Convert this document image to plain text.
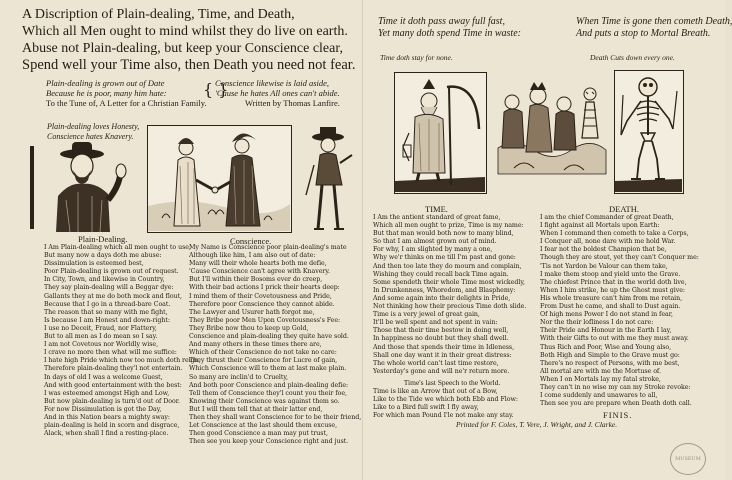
A Discription of Plain-dealing, Time, and Death,
Which all Men ought to mind whilst they do live on earth.
Abuse not Plain-dealing, but keep your Conscience clear,
Spend well your Time also, then Death you need not fear.
Plain-dealing is grown out of Date
Because he is poor, many him hate:	{ }
Conscience likewise is laid aside,
'Cause he hates All ones can't abide.
To the Tune of, A Letter for a Christian Family.	Written by Thomas Lanfire.
Plain-dealing loves Honesty,
Conscience hates Knavery.
Plain-Dealing.	Conscience.
I Am Plain-dealing which all men ought to use,
But many now a days doth me abuse:
Dissimulation is esteemed best,
Poor Plain-dealing is grown out of request.
In City, Town, and likewise in Country,
They say plain-dealing will a Beggar dye:
Gallants they at me do both mock and flout,
Because that I go in a thread-bare Coat.
The reason that so many with me fight,
Is because I am Honest and down-right:
I use no Deceit, Fraud, nor Flattery,
But to all men as I do mean so I say.
I am not Covetous nor Worldly wise,
I crave no more then what will me suffice:
I hate high Pride which now too much doth reign,
Therefore plain-dealing they'l not entertain.
In days of old I was a welcome Guest,
And with good entertainment with the best:
I was esteemed amongst High and Low,
But now plain-dealing is turn'd out of Door.
For now Dissimulation is got the Day,
And in this Nation bears a mighty sway:
plain-dealing is held in scorn and disgrace,
Alack, when shall I find a resting-place.
My Name is Conscience poor plain-dealing's mate
Although like him, I am also out of date:
Many will their whole hearts both me defie,
'Cause Conscience can't agree with Knavery.
But I'll within their Bosoms ever do creep,
With their bad actions I prick their hearts deep:
I mind them of their Covetousness and Pride,
Therefore poor Conscience they cannot abide.
The Lawyer and Usurer hath forgot me,
They Bribe poor Men Upon Covetousness's Fee:
They Bribe now thou to keep up Gold,
Conscience and plain-dealing they quite have sold.
And many others in these times there are,
Which of their Conscience do not take no care:
They thrust their Conscience for Lucre of gain,
Which Conscience will to them at last make plain.
So many are inclin'd to Cruelty,
And both poor Conscience and plain-dealing defie:
Tell them of Conscience they'l count you their foe,
Knowing their Conscience was against them so.
But I will them tell that at their latter end,
Then they shall want Conscience for to be their friend,
Let Conscience at the last should them excuse,
Then good Conscience a man may put trust,
Then see you keep your Conscience right and just.
Time it doth pass away full fast,
Yet many doth spend Time in waste:
When Time is gone then cometh Death,
And puts a stop to Mortal Breath.
Time doth stay for none.	Death Cuts down every one.
TIME.	DEATH.
I Am the antient standard of great fame,
Which all men ought to prize, Time is my name:
But that man would both now to many blind,
So that I am almost grown out of mind.
For why, I am slighted by many a one,
Why we'r thinks on me till I'm past and gone:
And then too late they do mourn and complain,
Wishing they could recall back Time again.
Some spendeth their whole Time most wickedly,
In Drunkenness, Whoredom, and Blasphemy:
And some again into their delights in Pride,
Not thinking how their precious Time doth slide.
Time is a very jewel of great gain,
It'll be well spent and not spent in vain:
Those that their time bestow in doing well,
In happiness no doubt but they shall dwell.
And those that spends their time in Idleness,
Shall one day want it in their great distress:
The whole world can't last time restore,
Yesterday's gone and will ne'r return more.
Time's last Speech to the World.
Time is like an Arrow that out of a Bow,
Like to the Tide we which both Ebb and Flow:
Like to a Bird full swift I fly away,
For which man Pound I'le not make any stay.
I am the chief Commander of great Death,
I fight against all Mortals upon Earth:
When I command then cometh to take a Corps,
I Conquer all, none dare with me hold War.
I fear not the boldest Champion that be,
Though they are stout, yet they can't Conquer me:
'Tis not Yardon be Valour can them take,
I make them stoop and yield unto the Grave.
The chiefest Prince that in the world doth live,
When I him strike, he up the Ghost must give:
His whole treasure can't him from me retain,
From Dust he came, and shall to Dust again.
Of high mens Power I do not stand in fear,
Nor the their lofliness I do not care:
Their Pride and Honour in the Earth I lay,
With their Gifts to out with me they must away.
Thus Rich and Poor, Wise and Young also,
Both High and Simple to the Grave must go:
There's no respect of Persons, with me best,
All mortal are with me the Mortuse of.
When I on Mortals lay my fatal stroke,
They can't in no wise my can my Stroke revoke:
I come suddenly and unawares to all,
Then see you are prepare when Death doth call.
FINIS.
Printed for F. Coles, T. Vere, J. Wright, and J. Clarke.
MUSEUM
